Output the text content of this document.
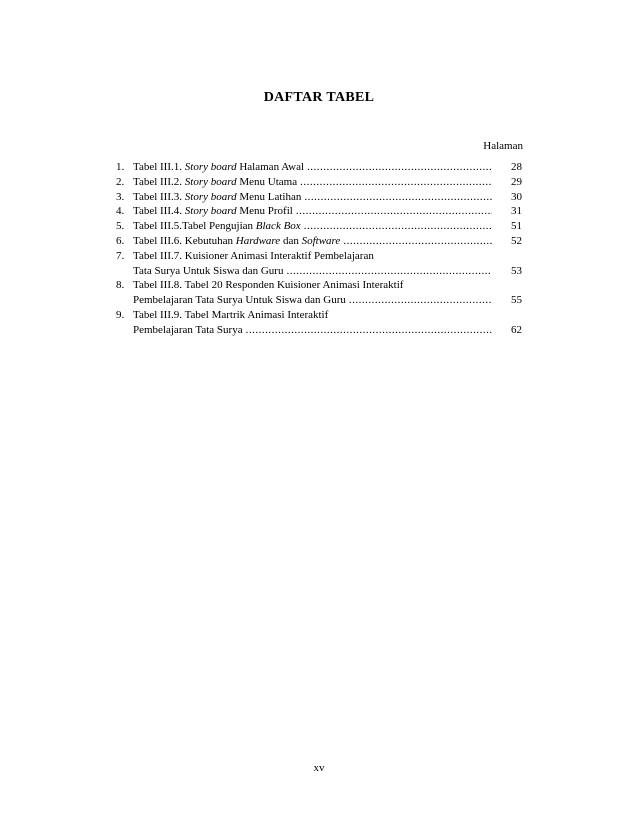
DAFTAR TABEL
Halaman
1. Tabel III.1. Story board Halaman Awal .....	28
2. Tabel III.2. Story board Menu Utama .....	29
3. Tabel III.3. Story board Menu Latihan .....	30
4. Tabel III.4. Story board Menu Profil .....	31
5. Tabel III.5.Tabel Pengujian Black Box .....	51
6. Tabel III.6. Kebutuhan Hardware dan Software .....	52
7. Tabel III.7. Kuisioner Animasi Interaktif Pembelajaran
Tata Surya Untuk Siswa dan Guru .....	53
8. Tabel III.8. Tabel 20 Responden Kuisioner Animasi Interaktif
Pembelajaran Tata Surya Untuk Siswa dan Guru .....	55
9. Tabel III.9. Tabel Martrik Animasi Interaktif
Pembelajaran Tata Surya .....	62
xv
